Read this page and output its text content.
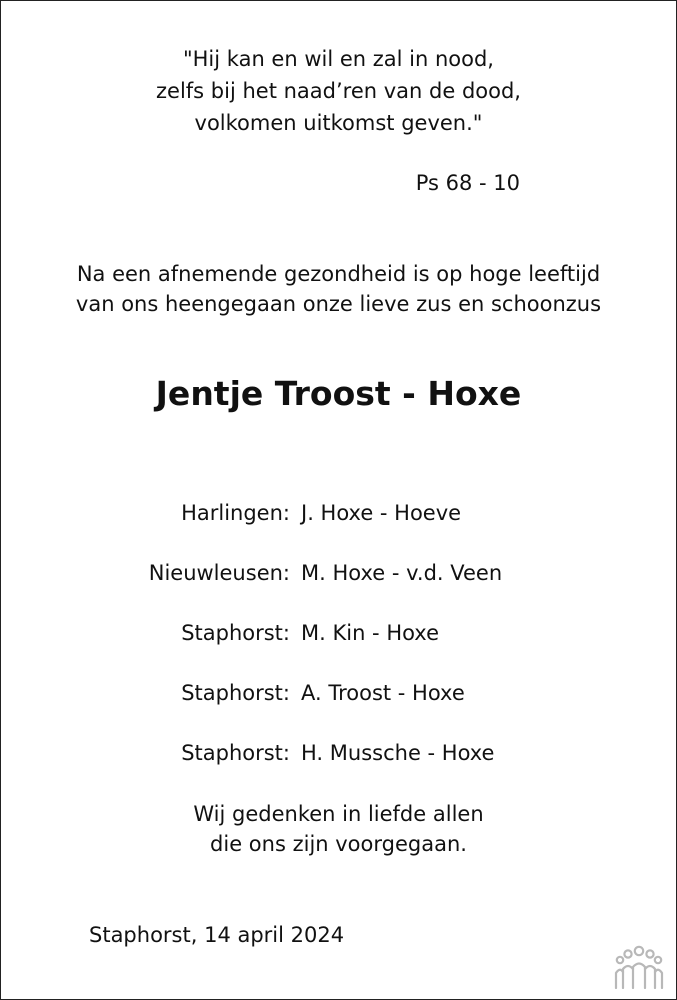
"Hij kan en wil en zal in nood,
zelfs bij het naad’ren van de dood,
volkomen uitkomst geven."
Ps 68 - 10
Na een afnemende gezondheid is op hoge leeftijd
van ons heengegaan onze lieve zus en schoonzus
Jentje Troost - Hoxe
Harlingen: J. Hoxe - Hoeve
Nieuwleusen: M. Hoxe - v.d. Veen
Staphorst: M. Kin - Hoxe
Staphorst: A. Troost - Hoxe
Staphorst: H. Mussche - Hoxe
Wij gedenken in liefde allen
die ons zijn voorgegaan.
Staphorst, 14 april 2024
